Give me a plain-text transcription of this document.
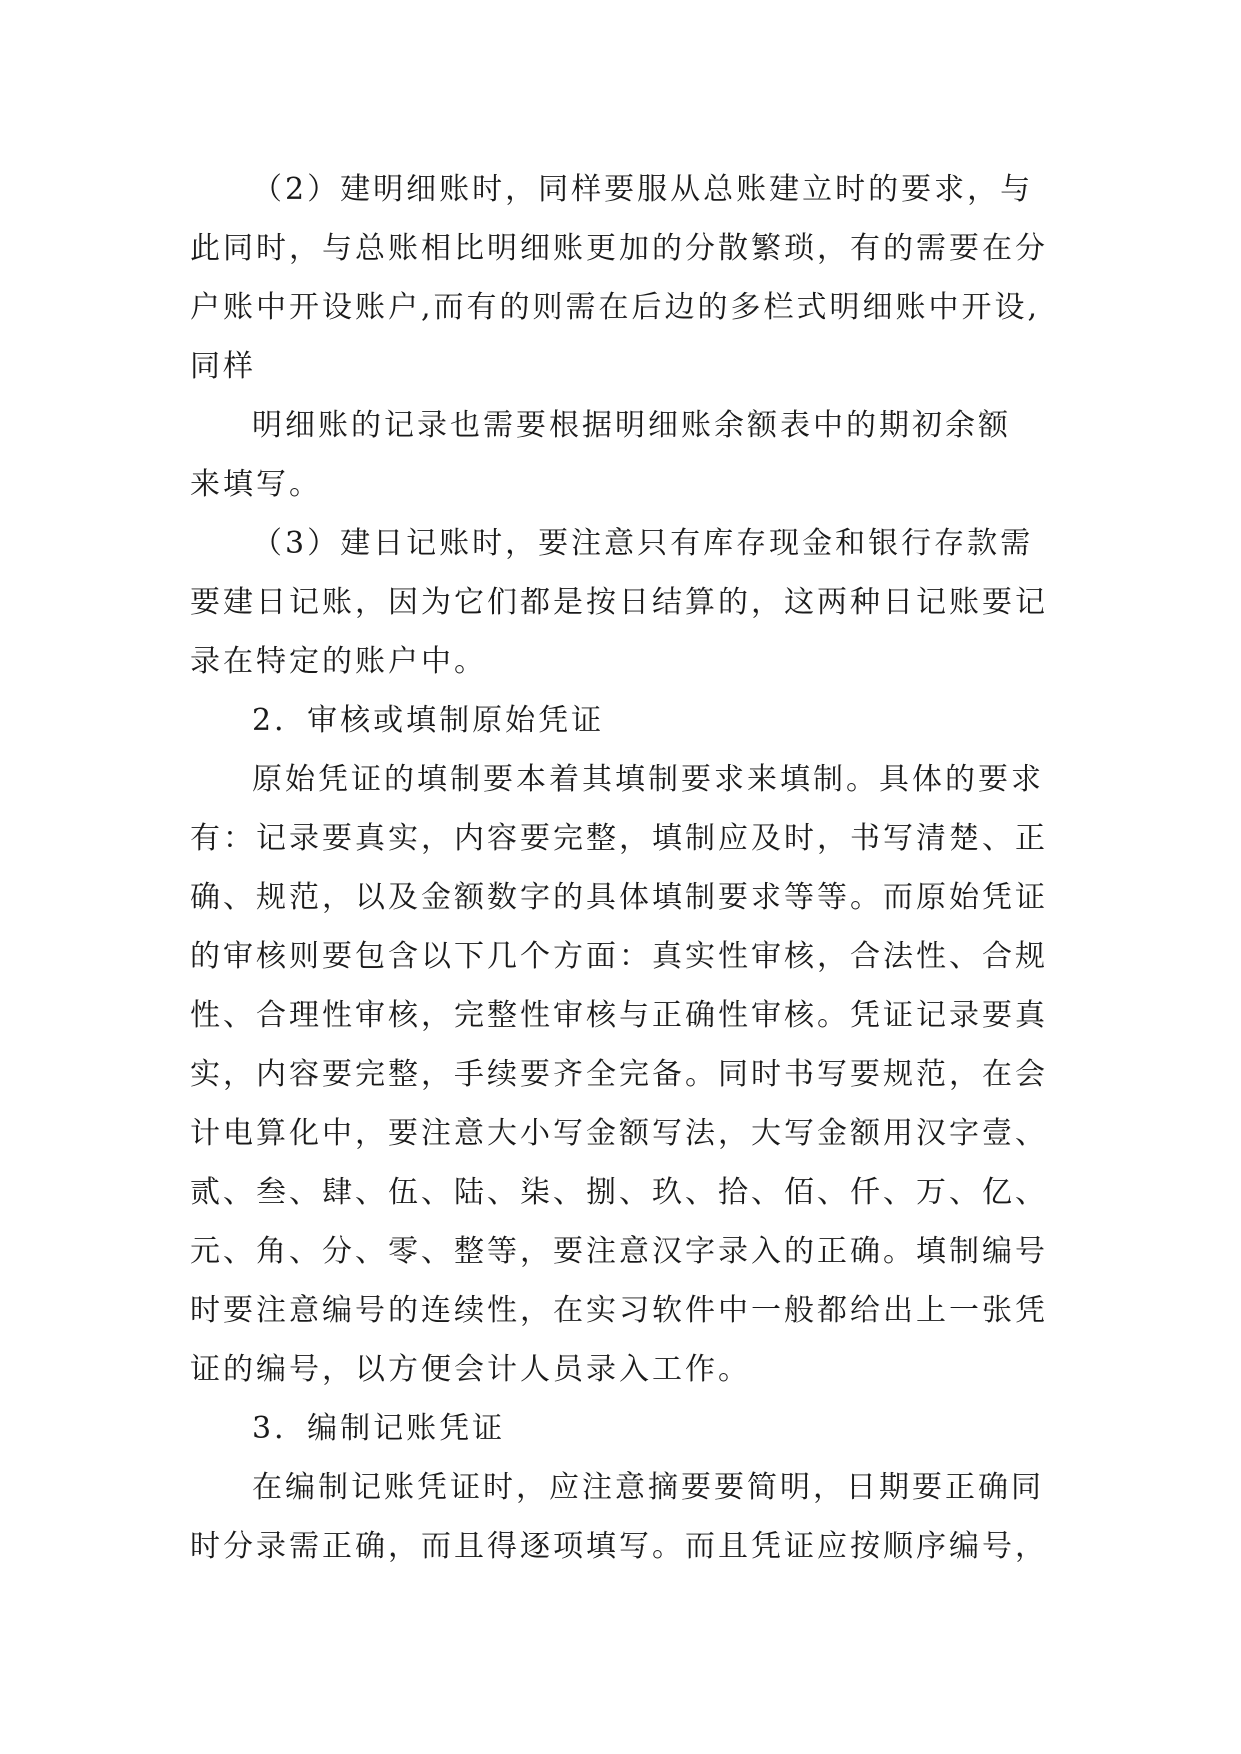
（2）建明细账时，同样要服从总账建立时的要求，与
此同时，与总账相比明细账更加的分散繁琐，有的需要在分
户账中开设账户,而有的则需在后边的多栏式明细账中开设,
同样
明细账的记录也需要根据明细账余额表中的期初余额
来填写。
（3）建日记账时，要注意只有库存现金和银行存款需
要建日记账，因为它们都是按日结算的，这两种日记账要记
录在特定的账户中。
2．审核或填制原始凭证
原始凭证的填制要本着其填制要求来填制。具体的要求
有：记录要真实，内容要完整，填制应及时，书写清楚、正
确、规范，以及金额数字的具体填制要求等等。而原始凭证
的审核则要包含以下几个方面：真实性审核，合法性、合规
性、合理性审核，完整性审核与正确性审核。凭证记录要真
实，内容要完整，手续要齐全完备。同时书写要规范，在会
计电算化中，要注意大小写金额写法，大写金额用汉字壹、
贰、叁、肆、伍、陆、柒、捌、玖、拾、佰、仟、万、亿、
元、角、分、零、整等，要注意汉字录入的正确。填制编号
时要注意编号的连续性，在实习软件中一般都给出上一张凭
证的编号，以方便会计人员录入工作。
3．编制记账凭证
在编制记账凭证时，应注意摘要要简明，日期要正确同
时分录需正确，而且得逐项填写。而且凭证应按顺序编号，
